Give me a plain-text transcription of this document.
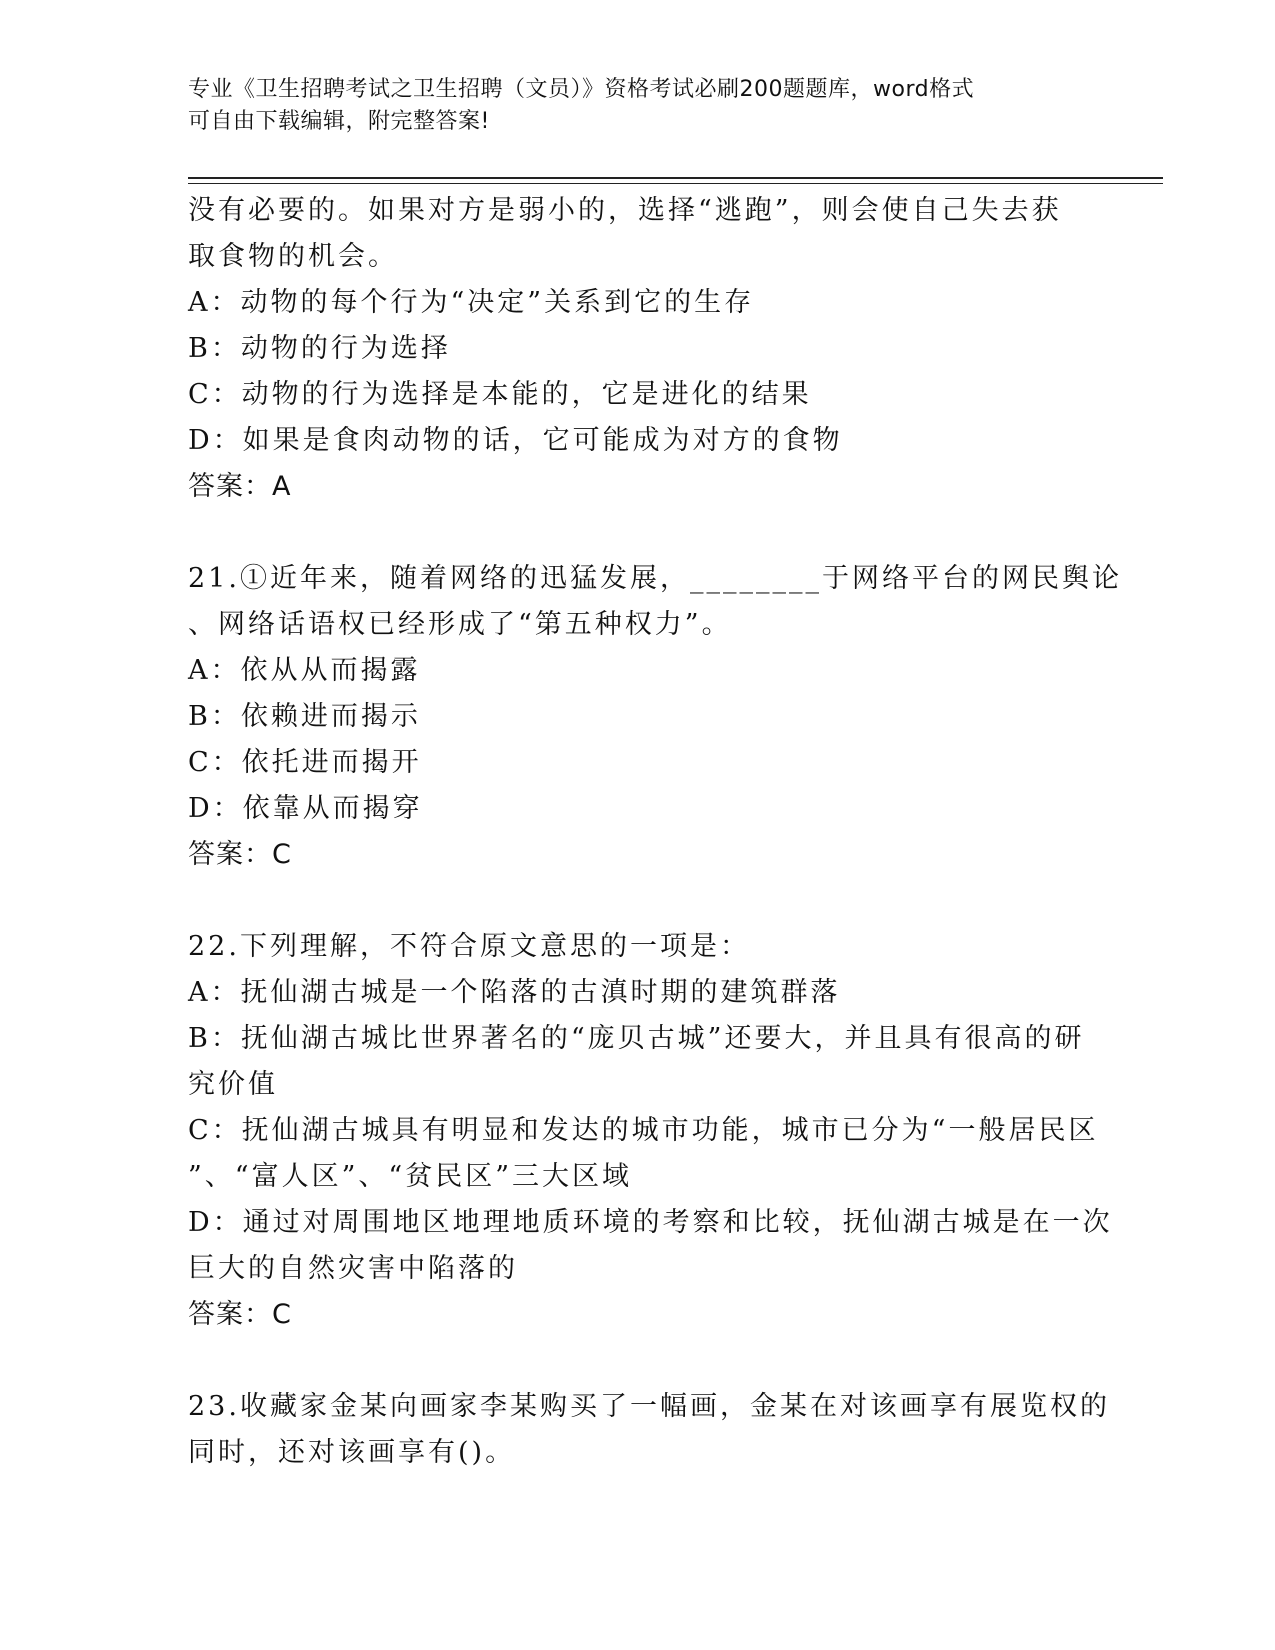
专业《卫生招聘考试之卫生招聘（文员）》资格考试必刷200题题库，word格式
可自由下载编辑，附完整答案!
没有必要的。如果对方是弱小的，选择“逃跑”，则会使自己失去获
取食物的机会。
A：动物的每个行为“决定”关系到它的生存
B：动物的行为选择
C：动物的行为选择是本能的，它是进化的结果
D：如果是食肉动物的话，它可能成为对方的食物
答案：A
21.①近年来，随着网络的迅猛发展，________于网络平台的网民舆论
、网络话语权已经形成了“第五种权力”。
A：依从从而揭露
B：依赖进而揭示
C：依托进而揭开
D：依靠从而揭穿
答案：C
22.下列理解，不符合原文意思的一项是：
A：抚仙湖古城是一个陷落的古滇时期的建筑群落
B：抚仙湖古城比世界著名的“庞贝古城”还要大，并且具有很高的研
究价值
C：抚仙湖古城具有明显和发达的城市功能，城市已分为“一般居民区
”、“富人区”、“贫民区”三大区域
D：通过对周围地区地理地质环境的考察和比较，抚仙湖古城是在一次
巨大的自然灾害中陷落的
答案：C
23.收藏家金某向画家李某购买了一幅画，金某在对该画享有展览权的
同时，还对该画享有()。
